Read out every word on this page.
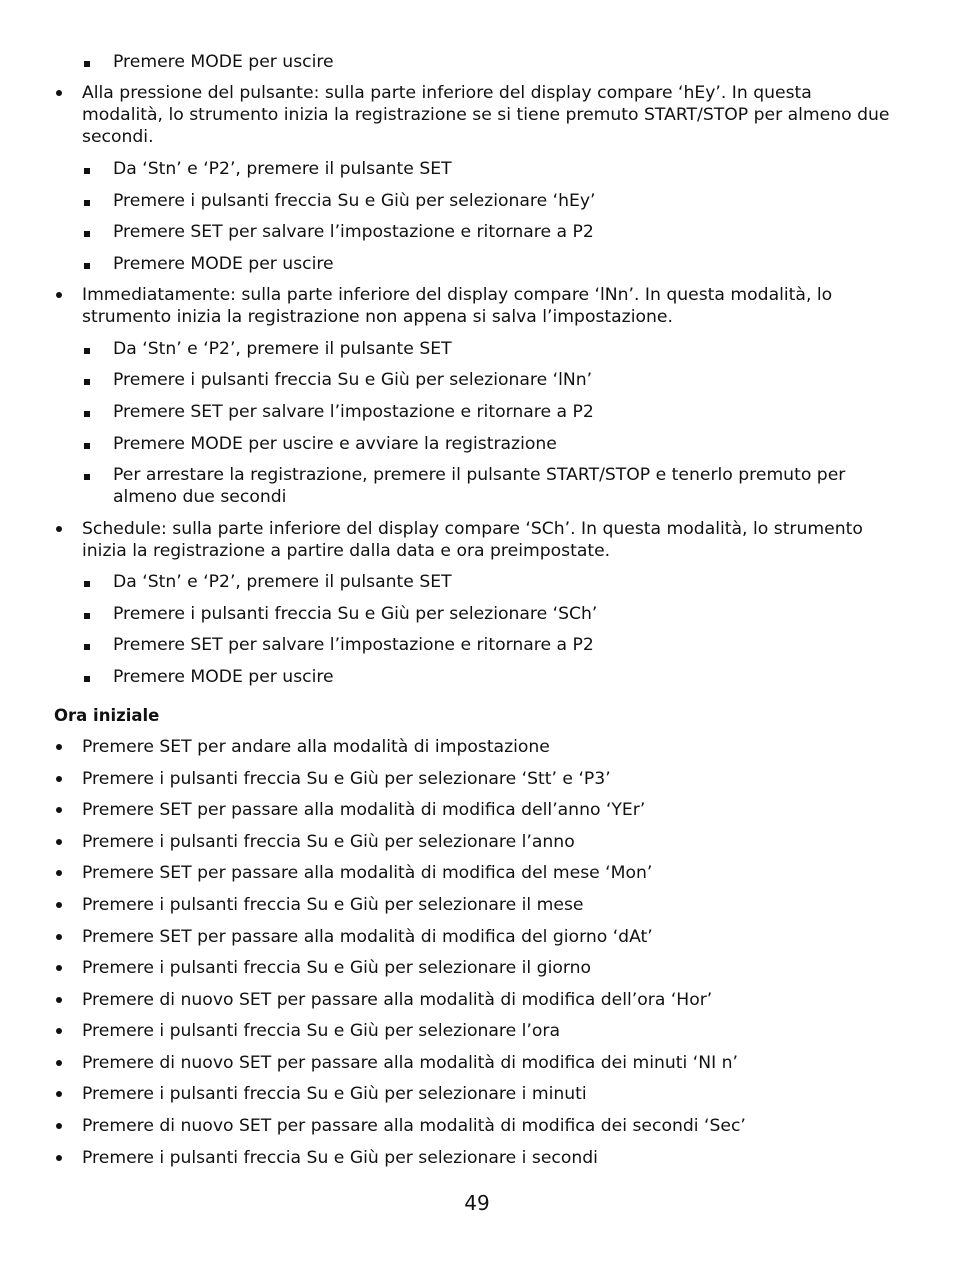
Premere MODE per uscire
Alla pressione del pulsante: sulla parte inferiore del display compare ‘hEy’. In questa modalità, lo strumento inizia la registrazione se si tiene premuto START/STOP per almeno due secondi.
Da ‘Stn’ e ‘P2’, premere il pulsante SET
Premere i pulsanti freccia Su e Giù per selezionare ‘hEy’
Premere SET per salvare l’impostazione e ritornare a P2
Premere MODE per uscire
Immediatamente: sulla parte inferiore del display compare ‘lNn’. In questa modalità, lo strumento inizia la registrazione non appena si salva l’impostazione.
Da ‘Stn’ e ‘P2’, premere il pulsante SET
Premere i pulsanti freccia Su e Giù per selezionare ‘lNn’
Premere SET per salvare l’impostazione e ritornare a P2
Premere MODE per uscire e avviare la registrazione
Per arrestare la registrazione, premere il pulsante START/STOP e tenerlo premuto per almeno due secondi
Schedule: sulla parte inferiore del display compare ‘SCh’. In questa modalità, lo strumento inizia la registrazione a partire dalla data e ora preimpostate.
Da ‘Stn’ e ‘P2’, premere il pulsante SET
Premere i pulsanti freccia Su e Giù per selezionare ‘SCh’
Premere SET per salvare l’impostazione e ritornare a P2
Premere MODE per uscire
Ora iniziale
Premere SET per andare alla modalità di impostazione
Premere i pulsanti freccia Su e Giù per selezionare ‘Stt’ e ‘P3’
Premere SET per passare alla modalità di modifica dell’anno ‘YEr’
Premere i pulsanti freccia Su e Giù per selezionare l’anno
Premere SET per passare alla modalità di modifica del mese ‘Mon’
Premere i pulsanti freccia Su e Giù per selezionare il mese
Premere SET per passare alla modalità di modifica del giorno ‘dAt’
Premere i pulsanti freccia Su e Giù per selezionare il giorno
Premere di nuovo SET per passare alla modalità di modifica dell’ora ‘Hor’
Premere i pulsanti freccia Su e Giù per selezionare l’ora
Premere di nuovo SET per passare alla modalità di modifica dei minuti ‘NI n’
Premere i pulsanti freccia Su e Giù per selezionare i minuti
Premere di nuovo SET per passare alla modalità di modifica dei secondi ‘Sec’
Premere i pulsanti freccia Su e Giù per selezionare i secondi
49
